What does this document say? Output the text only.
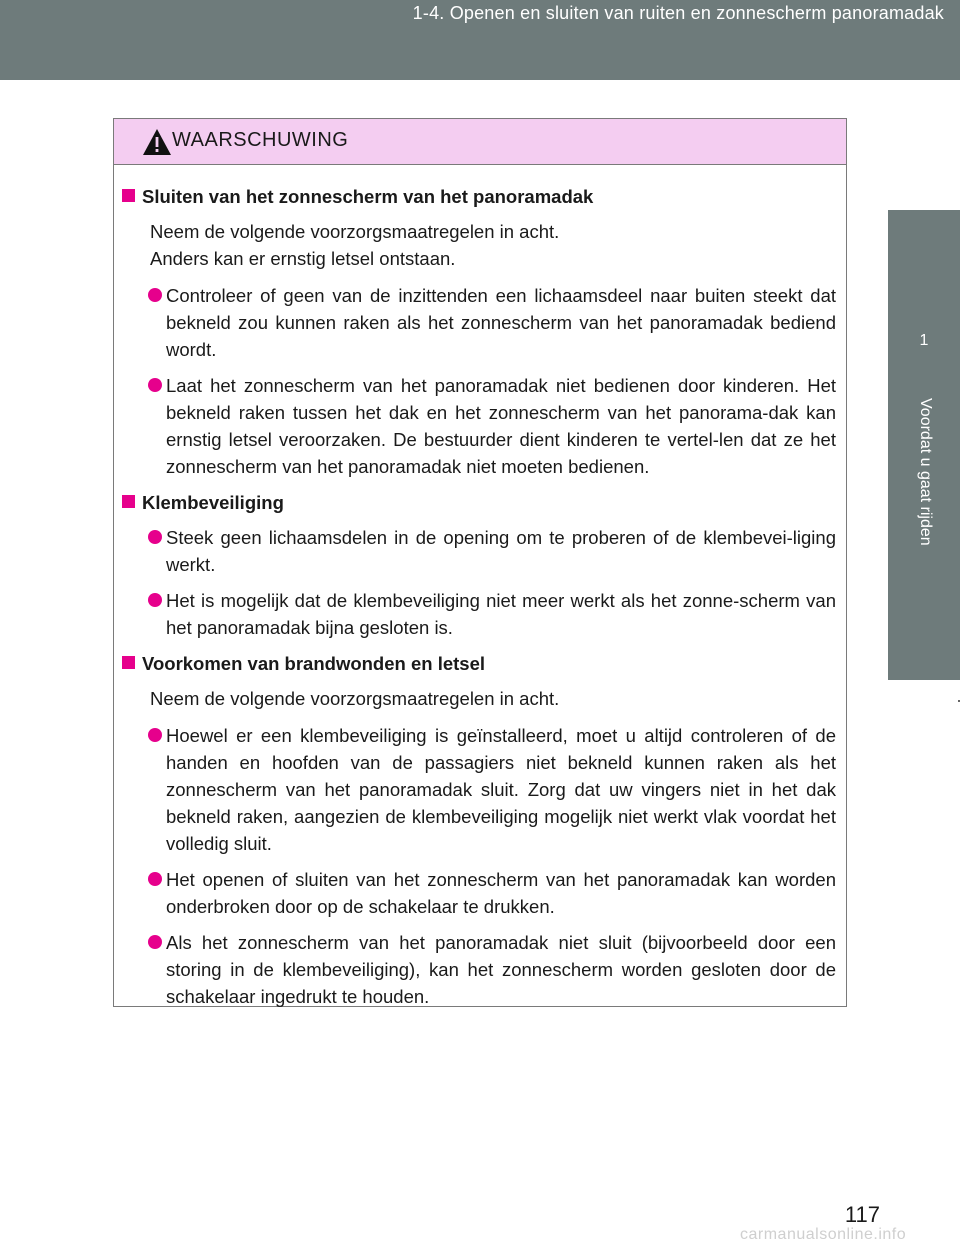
1-4. Openen en sluiten van ruiten en zonnescherm panoramadak
1
Voordat u gaat rijden
WAARSCHUWING
Sluiten van het zonnescherm van het panoramadak
Neem de volgende voorzorgsmaatregelen in acht.
Anders kan er ernstig letsel ontstaan.
Controleer of geen van de inzittenden een lichaamsdeel naar buiten steekt dat bekneld zou kunnen raken als het zonnescherm van het panoramadak bediend wordt.
Laat het zonnescherm van het panoramadak niet bedienen door kinderen. Het bekneld raken tussen het dak en het zonnescherm van het panorama-dak kan ernstig letsel veroorzaken. De bestuurder dient kinderen te vertel-len dat ze het zonnescherm van het panoramadak niet moeten bedienen.
Klembeveiliging
Steek geen lichaamsdelen in de opening om te proberen of de klembevei-liging werkt.
Het is mogelijk dat de klembeveiliging niet meer werkt als het zonne-scherm van het panoramadak bijna gesloten is.
Voorkomen van brandwonden en letsel
Neem de volgende voorzorgsmaatregelen in acht.
Hoewel er een klembeveiliging is geïnstalleerd, moet u altijd controleren of de handen en hoofden van de passagiers niet bekneld kunnen raken als het zonnescherm van het panoramadak sluit. Zorg dat uw vingers niet in het dak bekneld raken, aangezien de klembeveiliging mogelijk niet werkt vlak voordat het volledig sluit.
Het openen of sluiten van het zonnescherm van het panoramadak kan worden onderbroken door op de schakelaar te drukken.
Als het zonnescherm van het panoramadak niet sluit (bijvoorbeeld door een storing in de klembeveiliging), kan het zonnescherm worden gesloten door de schakelaar ingedrukt te houden.
117
carmanualsonline.info
